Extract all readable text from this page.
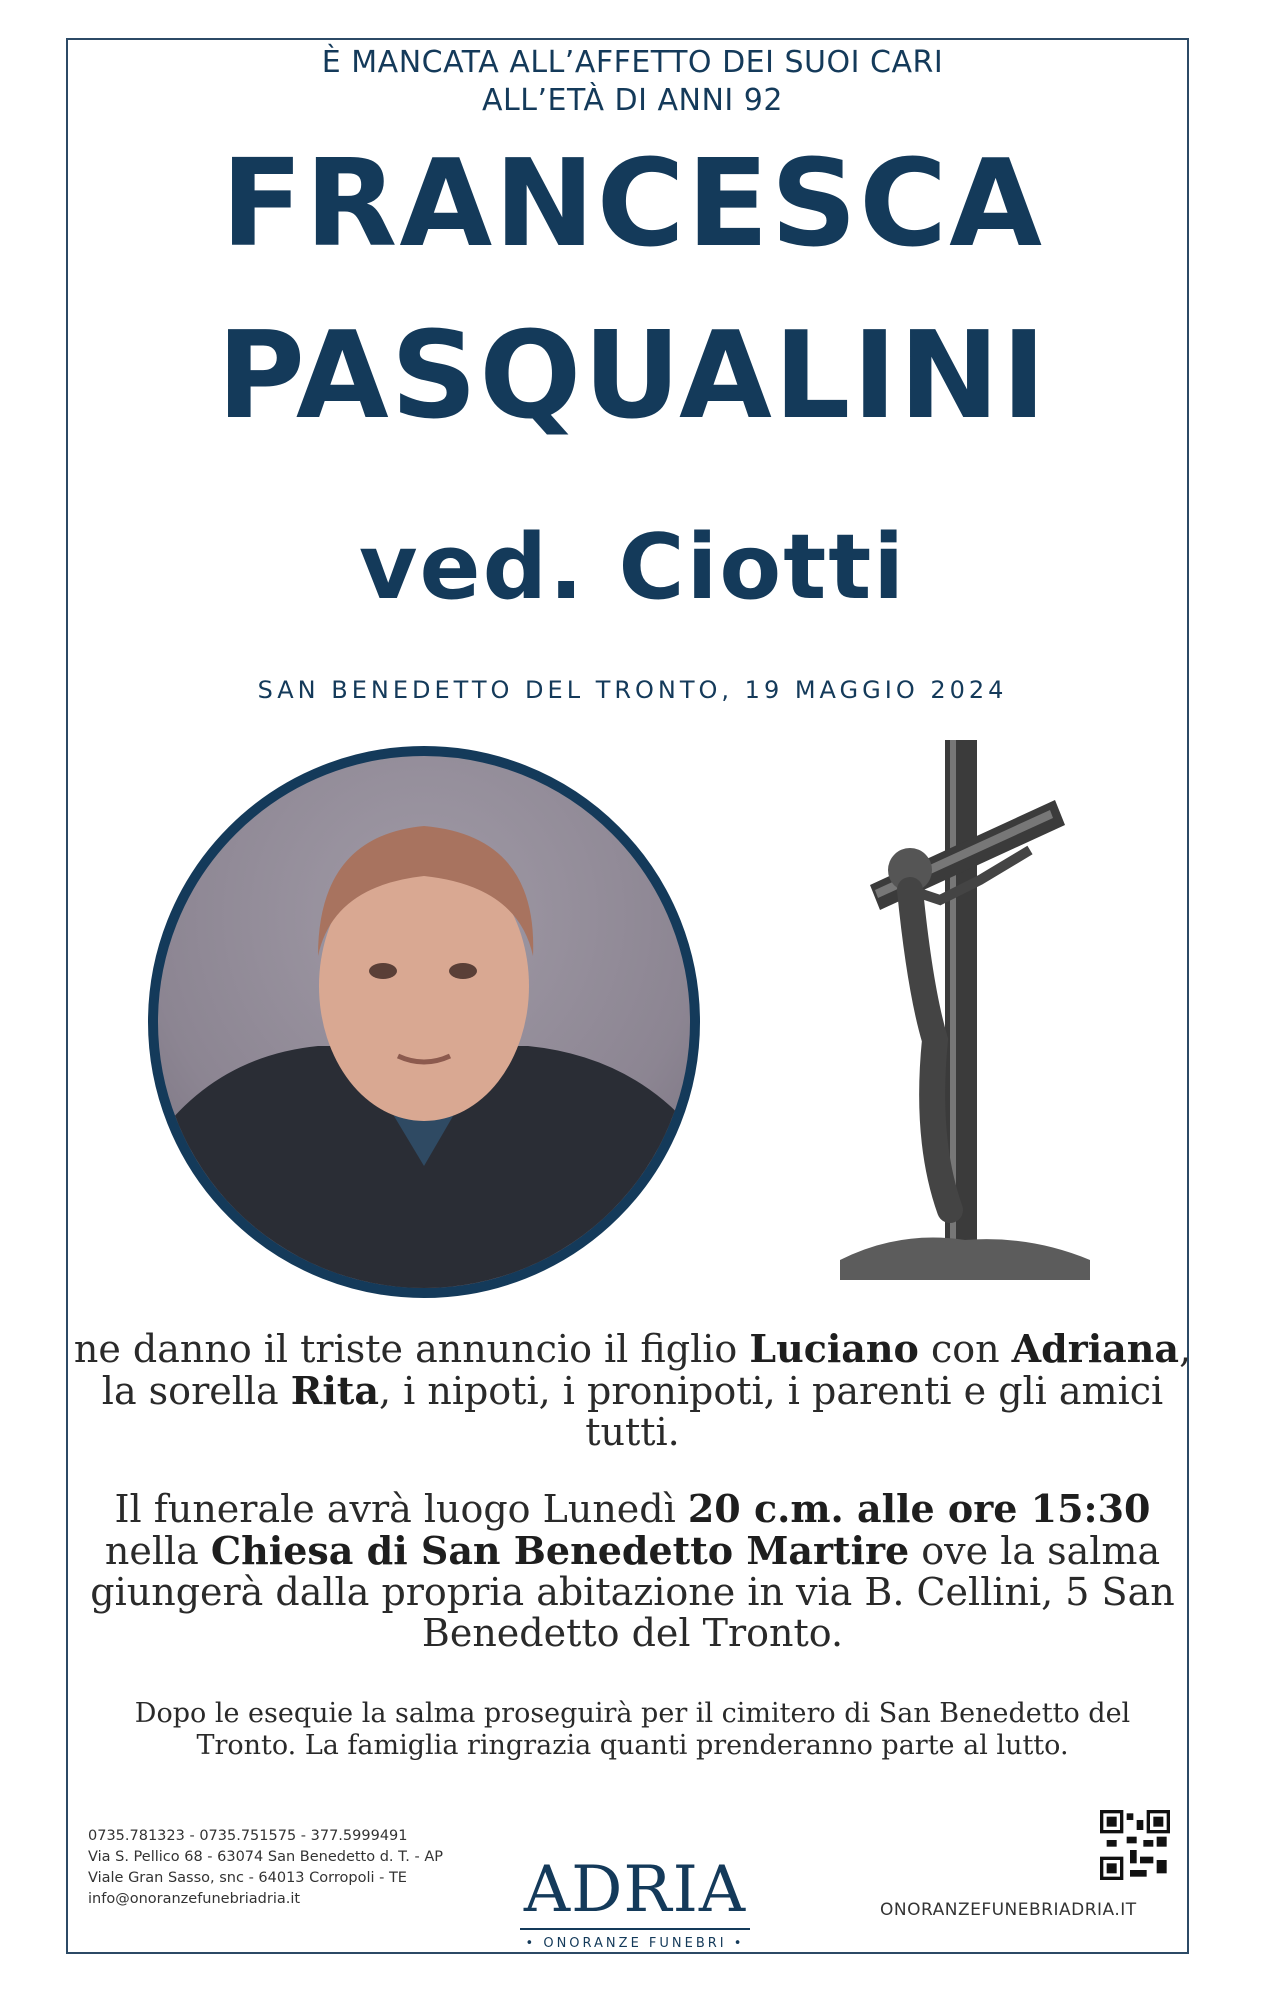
È MANCATA ALL’AFFETTO DEI SUOI CARI
ALL’ETÀ DI ANNI 92
FRANCESCA
PASQUALINI
ved. Ciotti
SAN BENEDETTO DEL TRONTO, 19 MAGGIO 2024
ne danno il triste annuncio il figlio Luciano con Adriana, la sorella Rita, i nipoti, i pronipoti, i parenti e gli amici tutti.
Il funerale avrà luogo Lunedì 20 c.m. alle ore 15:30 nella Chiesa di San Benedetto Martire ove la salma giungerà dalla propria abitazione in via B. Cellini, 5 San Benedetto del Tronto.
Dopo le esequie la salma proseguirà per il cimitero di San Benedetto del Tronto. La famiglia ringrazia quanti prenderanno parte al lutto.
0735.781323 - 0735.751575 - 377.5999491
Via S. Pellico 68 - 63074 San Benedetto d. T. - AP
Viale Gran Sasso, snc - 64013 Corropoli - TE
info@onoranzefunebriadria.it	ADRIA
• ONORANZE FUNEBRI •
ONORANZEFUNEBRIADRIA.IT
